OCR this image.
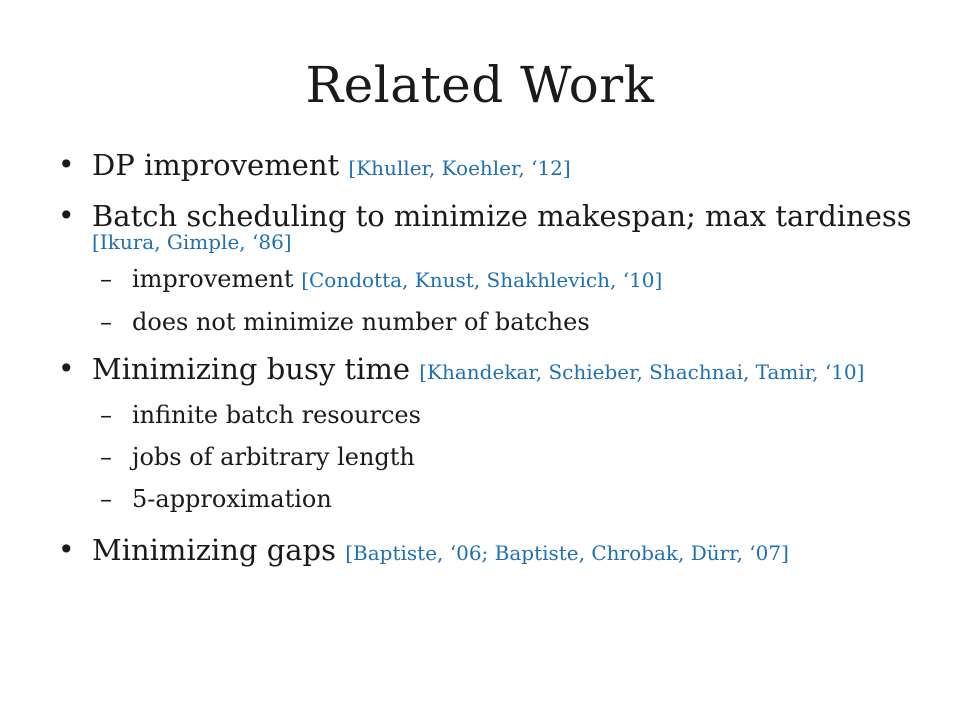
Related Work
• DP improvement [Khuller, Koehler, ‘12]
• Batch scheduling to minimize makespan; max tardiness
[Ikura, Gimple, ‘86]
– improvement [Condotta, Knust, Shakhlevich, ‘10]
– does not minimize number of batches
• Minimizing busy time [Khandekar, Schieber, Shachnai, Tamir, ‘10]
– infinite batch resources
– jobs of arbitrary length
– 5-approximation
• Minimizing gaps [Baptiste, ‘06; Baptiste, Chrobak, Dürr, ‘07]
